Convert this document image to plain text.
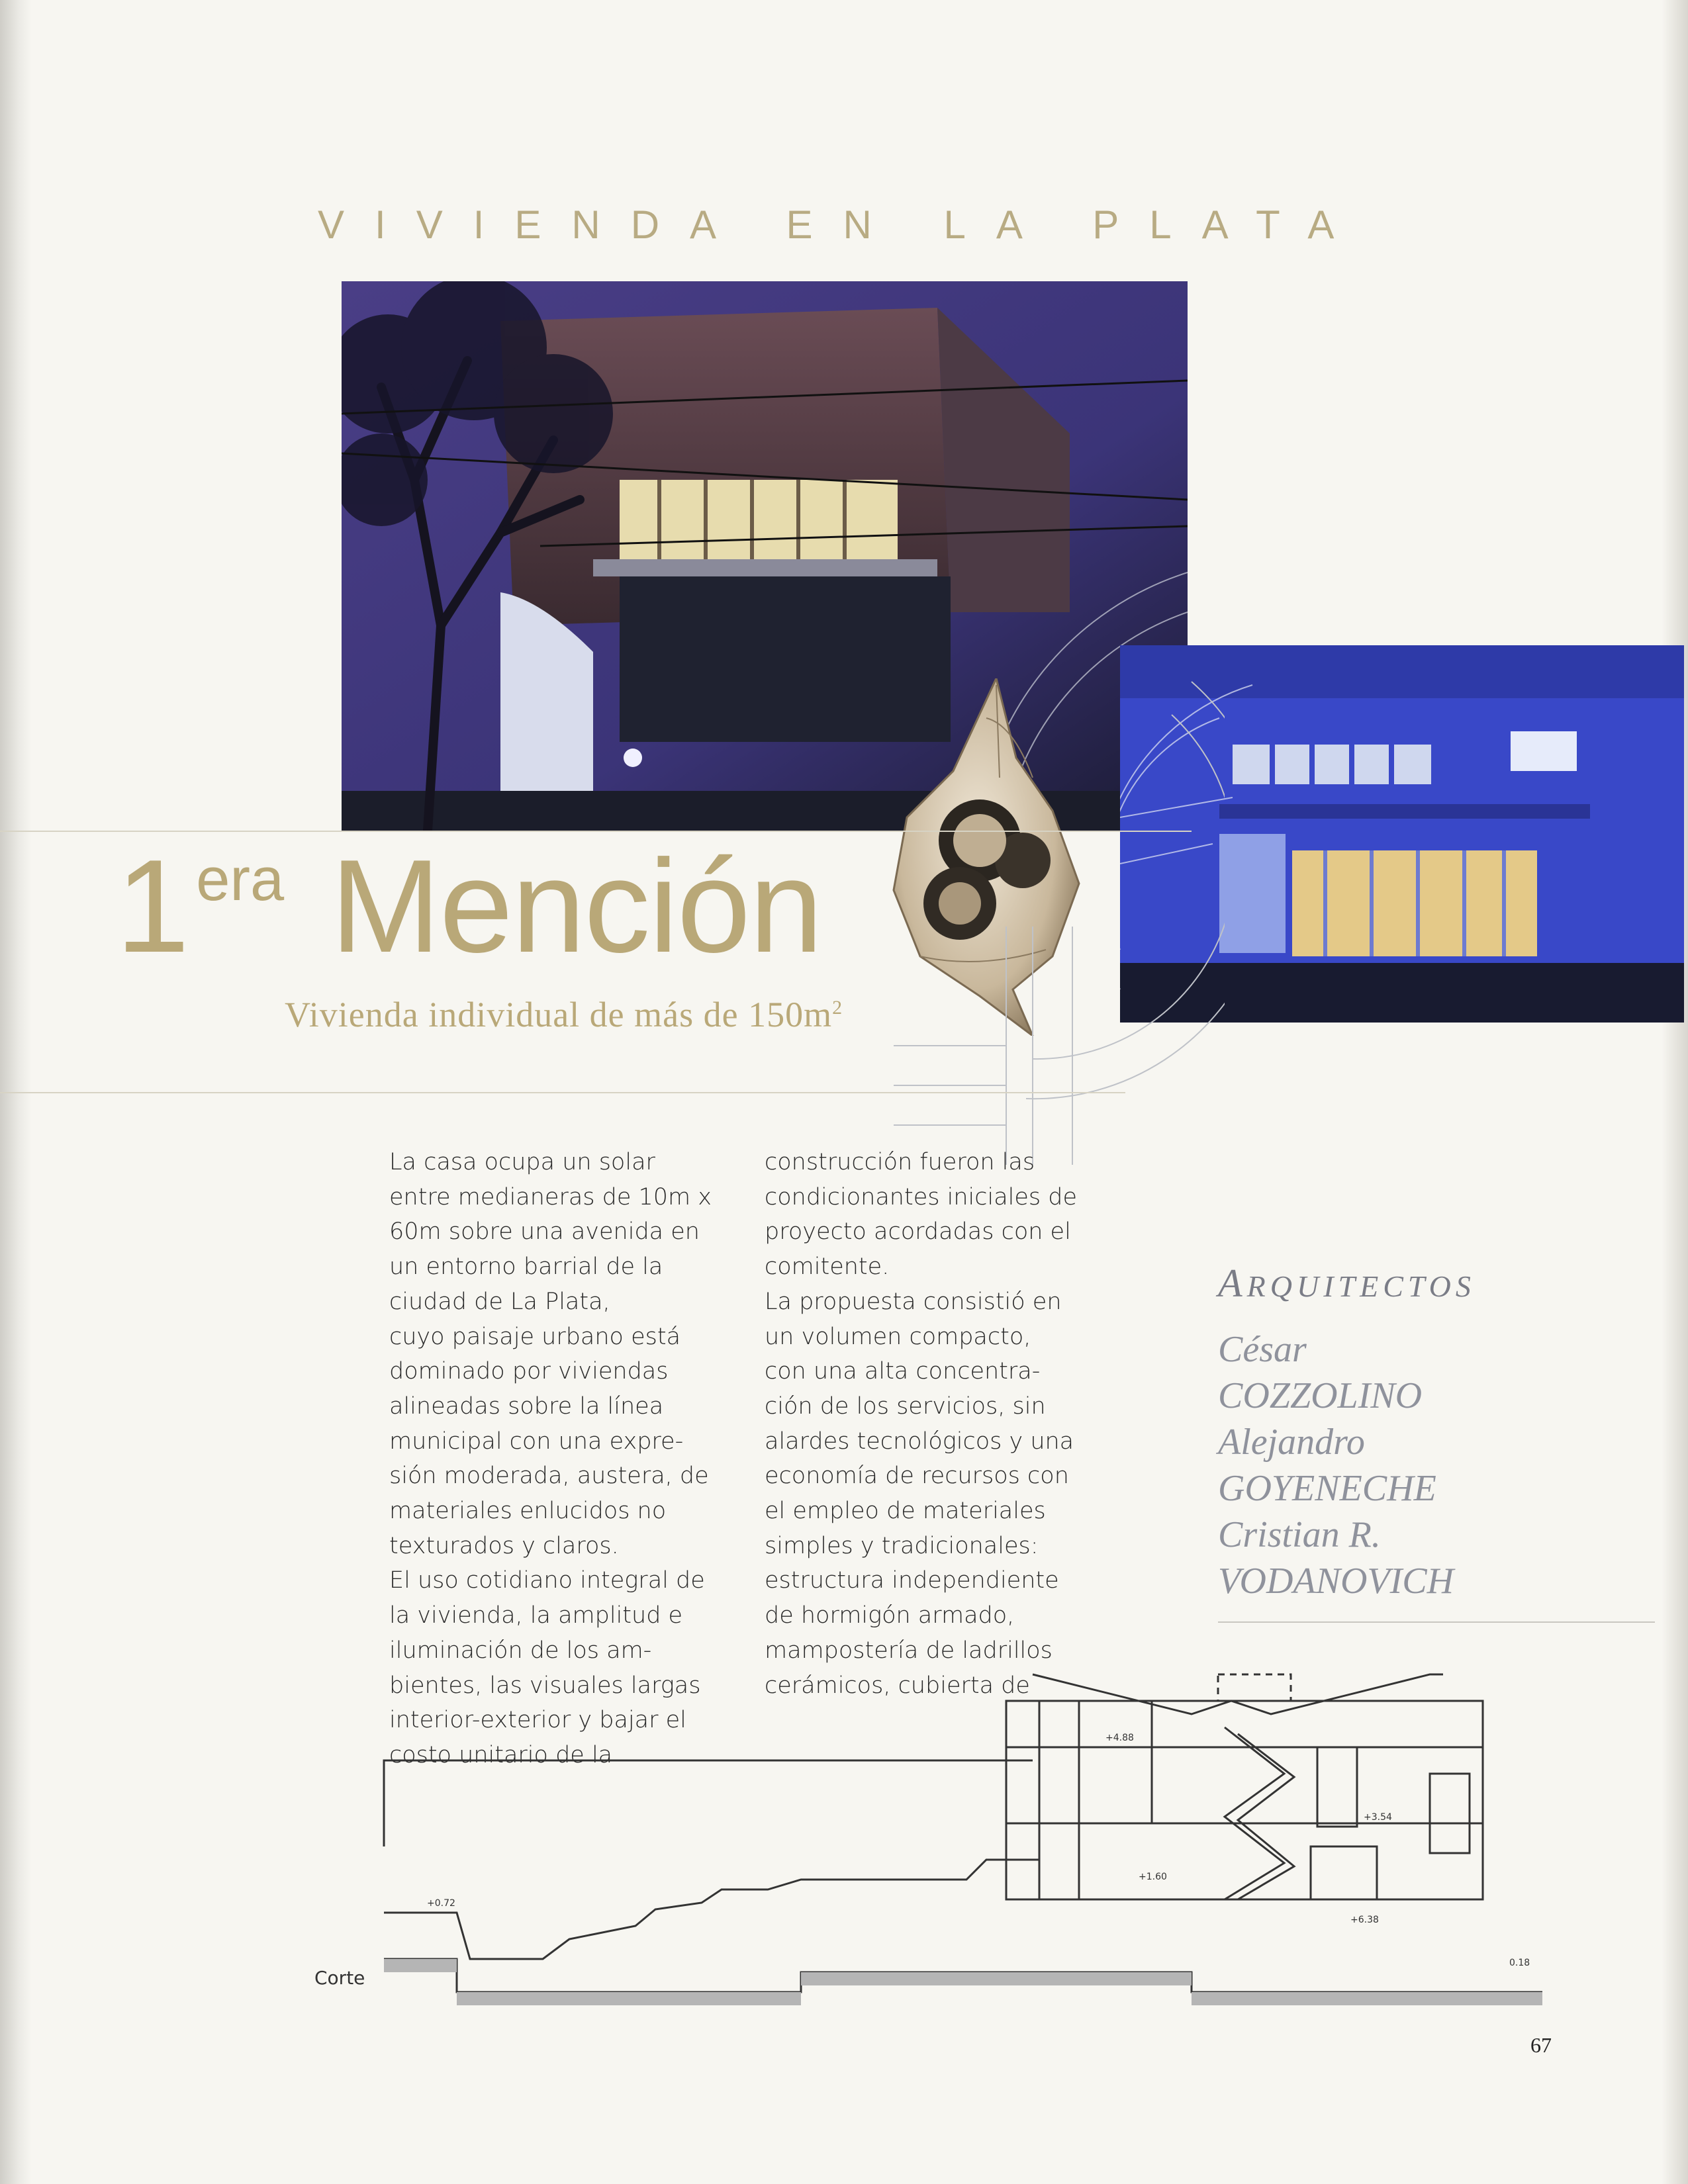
VIVIENDA EN LA PLATA
1 era Mención
Vivienda individual de más de $150m^2$

La casa ocupa un solar

entre medianeras de 10m x

60m sobre una avenida en

un entorno barrial de la

ciudad de La Plata,

cuyo paisaje urbano está

dominado por viviendas

alineadas sobre la línea

municipal con una expre-

sión moderada, austera, de

materiales enlucidos no

texturados y claros.

El uso cotidiano integral de

la vivienda, la amplitud e

iluminación de los am-

bientes, las visuales largas

interior-exterior y bajar el

costo unitario de la

construcción fueron las

condicionantes iniciales de

proyecto acordadas con el

comitente.

La propuesta consistió en

un volumen compacto,

con una alta concentra-

ción de los servicios, sin

alardes tecnológicos y una

economía de recursos con

el empleo de materiales

simples y tradicionales:

estructura independiente

de hormigón armado,

mampostería de ladrillos

cerámicos, cubierta de

ARQUITECTOS
César
COZZOLINO
Alejandro
GOYENECHE
Cristian R.
VODANOVICH
+0.72
+4.88
+1.60
+3.54
+6.38
0.18
Corte
67
